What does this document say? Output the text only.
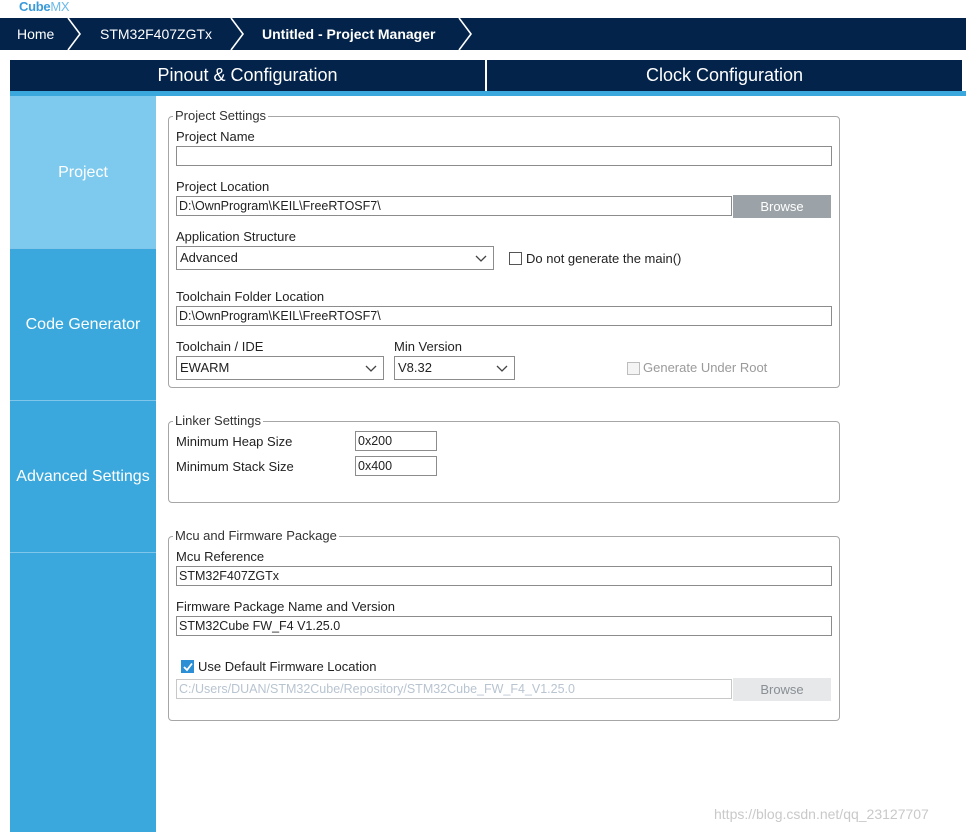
CubeMX
Home	STM32F407ZGTx	Untitled - Project Manager
Pinout & Configuration	Clock Configuration
Project
Code Generator
Advanced Settings
Project Settings
Project Name
Project Location
D:\OwnProgram\KEIL\FreeRTOSF7\	Browse
Application Structure
Advanced	Do not generate the main()
Toolchain Folder Location
D:\OwnProgram\KEIL\FreeRTOSF7\
Toolchain / IDE
EWARM
Min Version
V8.32	Generate Under Root
Linker Settings
Minimum Heap Size	0x200
Minimum Stack Size	0x400
Mcu and Firmware Package
Mcu Reference
STM32F407ZGTx
Firmware Package Name and Version
STM32Cube FW_F4 V1.25.0
Use Default Firmware Location
C:/Users/DUAN/STM32Cube/Repository/STM32Cube_FW_F4_V1.25.0	Browse
https://blog.csdn.net/qq_23127707
